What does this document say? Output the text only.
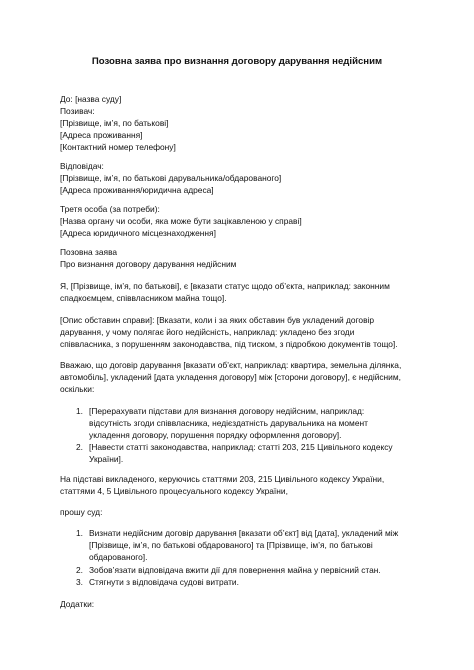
Позовна заява про визнання договору дарування недійсним
До: [назва суду]
Позивач:
[Прізвище, ім’я, по батькові]
[Адреса проживання]
[Контактний номер телефону]
Відповідач:
[Прізвище, ім’я, по батькові дарувальника/обдарованого]
[Адреса проживання/юридична адреса]
Третя особа (за потреби):
[Назва органу чи особи, яка може бути зацікавленою у справі]
[Адреса юридичного місцезнаходження]
Позовна заява
Про визнання договору дарування недійсним
Я, [Прізвище, ім’я, по батькові], є [вказати статус щодо об’єкта, наприклад: законним
спадкоємцем, співвласником майна тощо].
[Опис обставин справи]: [Вказати, коли і за яких обставин був укладений договір
дарування, у чому полягає його недійсність, наприклад: укладено без згоди
співвласника, з порушенням законодавства, під тиском, з підробкою документів тощо].
Вважаю, що договір дарування [вказати об’єкт, наприклад: квартира, земельна ділянка,
автомобіль], укладений [дата укладення договору] між [сторони договору], є недійсним,
оскільки:
1. [Перерахувати підстави для визнання договору недійсним, наприклад:
відсутність згоди співвласника, недієздатність дарувальника на момент
укладення договору, порушення порядку оформлення договору].
2. [Навести статті законодавства, наприклад: статті 203, 215 Цивільного кодексу
України].
На підставі викладеного, керуючись статтями 203, 215 Цивільного кодексу України,
статтями 4, 5 Цивільного процесуального кодексу України,
прошу суд:
1. Визнати недійсним договір дарування [вказати об’єкт] від [дата], укладений між
[Прізвище, ім’я, по батькові обдарованого] та [Прізвище, ім’я, по батькові
обдарованого].
2. Зобов’язати відповідача вжити дії для повернення майна у первісний стан.
3. Стягнути з відповідача судові витрати.
Додатки:
